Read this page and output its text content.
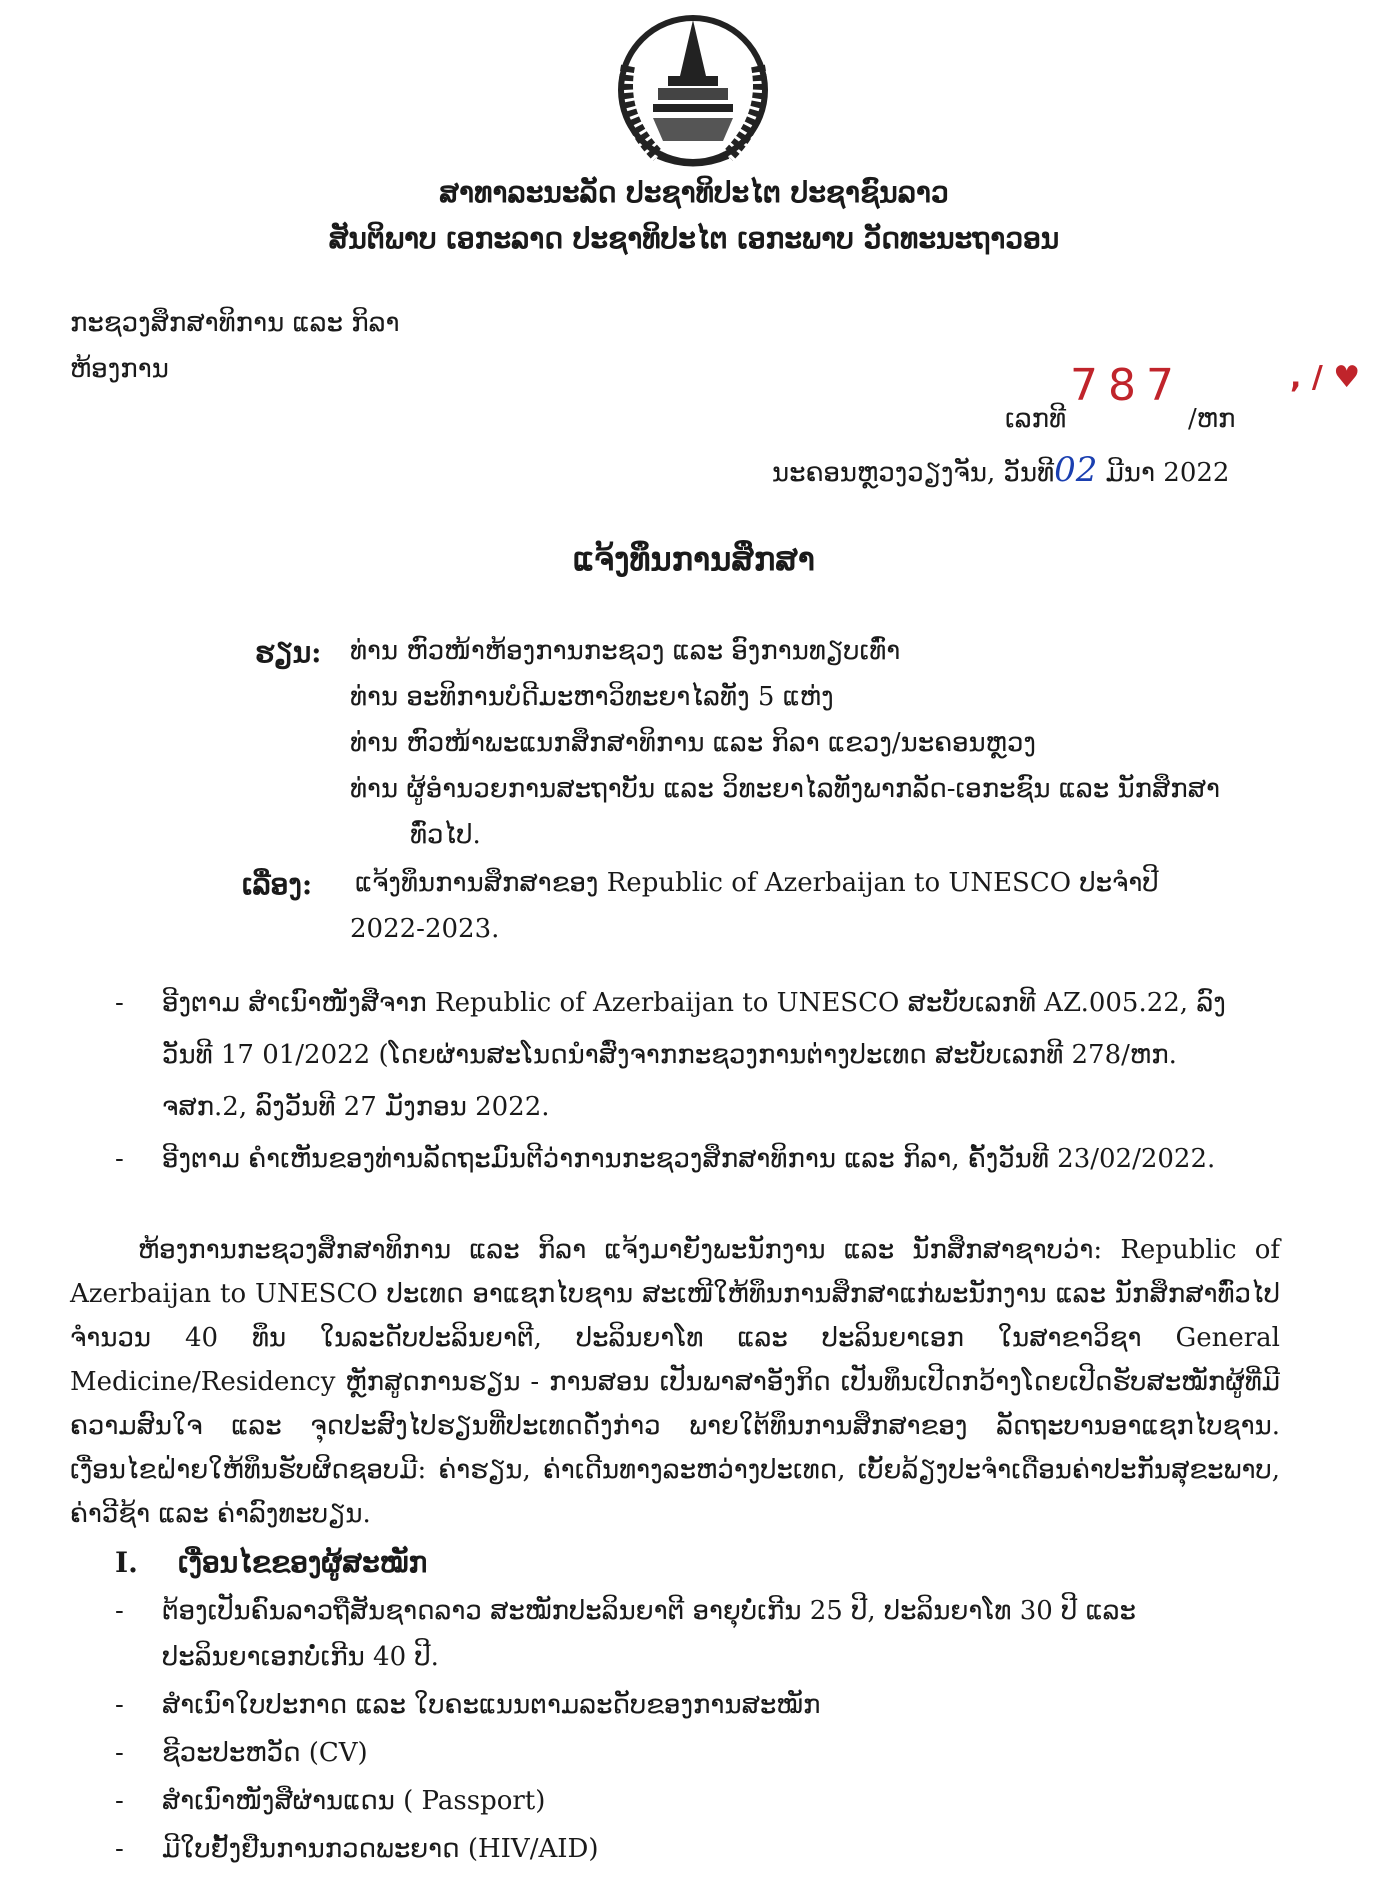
ສາທາລະນະລັດ ປະຊາທິປະໄຕ ປະຊາຊົນລາວ
ສັນຕິພາບ ເອກະລາດ ປະຊາທິປະໄຕ ເອກະພາບ ວັດທະນະຖາວອນ
ກະຊວງສຶກສາທິການ ແລະ ກິລາ
ຫ້ອງການ	787	, / ♥
ເລກທີ	/ຫກ
ນະຄອນຫຼວງວຽງຈັນ, ວັນທີ02 ມີນາ 2022
ແຈ້ງທຶນການສຶກສາ
ຮຽນ: ທ່ານ ຫົວໜ້າຫ້ອງການກະຊວງ ແລະ ອົງການທຽບເທົ່າ
ທ່ານ ອະທິການບໍດີມະຫາວິທະຍາໄລທັງ 5 ແຫ່ງ
ທ່ານ ຫົວໜ້າພະແນກສຶກສາທິການ ແລະ ກິລາ ແຂວງ/ນະຄອນຫຼວງ
ທ່ານ ຜູ້ອຳນວຍການສະຖາບັນ ແລະ ວິທະຍາໄລທັງພາກລັດ-ເອກະຊົນ ແລະ ນັກສຶກສາ
ທົ່ວໄປ.
ເລື່ອງ: ແຈ້ງທຶນການສຶກສາຂອງ Republic of Azerbaijan to UNESCO ປະຈຳປີ
2022-2023.
- ອີງຕາມ ສຳເນົາໜັງສືຈາກ Republic of Azerbaijan to UNESCO ສະບັບເລກທີ AZ.005.22, ລົງ
ວັນທີ 17 01/2022 (ໂດຍຜ່ານສະໂນດນຳສົ່ງຈາກກະຊວງການຕ່າງປະເທດ ສະບັບເລກທີ 278/ຫກ.
ຈສກ.2, ລົງວັນທີ 27 ມັງກອນ 2022.
- ອີງຕາມ ຄຳເຫັນຂອງທ່ານລັດຖະມົນຕີວ່າການກະຊວງສຶກສາທິການ ແລະ ກິລາ, ຄັ້ງວັນທີ 23/02/2022.
ຫ້ອງການກະຊວງສຶກສາທິການ ແລະ ກິລາ ແຈ້ງມາຍັງພະນັກງານ ແລະ ນັກສຶກສາຊາບວ່າ: Republic of Azerbaijan to UNESCO ປະເທດ ອາແຊກໄບຊານ ສະເໜີໃຫ້ທຶນການສຶກສາແກ່ພະນັກງານ ແລະ ນັກສຶກສາທົ່ວໄປ ຈຳນວນ 40 ທຶນ ໃນລະດັບປະລິນຍາຕີ, ປະລິນຍາໂທ ແລະ ປະລິນຍາເອກ ໃນສາຂາວິຊາ General Medicine/Residency ຫຼັກສູດການຮຽນ - ການສອນ ເປັນພາສາອັງກິດ ເປັນທຶນເປີດກວ້າງໂດຍເປີດຮັບສະໝັກຜູ້ທີ່ມີຄວາມສົນໃຈ ແລະ ຈຸດປະສົງໄປຮຽນທີ່ປະເທດດັ່ງກ່າວ ພາຍໃຕ້ທຶນການສຶກສາຂອງ ລັດຖະບານອາແຊກໄບຊານ. ເງື່ອນໄຂຝ່າຍໃຫ້ທຶນຮັບຜິດຊອບມີ: ຄ່າຮຽນ, ຄ່າເດີນທາງລະຫວ່າງປະເທດ, ເບັ້ຍລ້ຽງປະຈຳເດືອນຄ່າປະກັນສຸຂະພາບ, ຄ່າວີຊ້າ ແລະ ຄ່າລົງທະບຽນ.
I. ເງື່ອນໄຂຂອງຜູ້ສະໝັກ
- ຕ້ອງເປັນຄົນລາວຖືສັນຊາດລາວ ສະໝັກປະລິນຍາຕີ ອາຍຸບໍ່ເກີນ 25 ປີ, ປະລິນຍາໂທ 30 ປີ ແລະ
ປະລິນຍາເອກບໍ່ເກີນ 40 ປີ.
- ສຳເນົາໃບປະກາດ ແລະ ໃບຄະແນນຕາມລະດັບຂອງການສະໝັກ
- ຊີວະປະຫວັດ (CV)
- ສຳເນົາໜັງສືຜ່ານແດນ ( Passport)
- ມີໃບຢັ້ງຢືນການກວດພະຍາດ (HIV/AID)
